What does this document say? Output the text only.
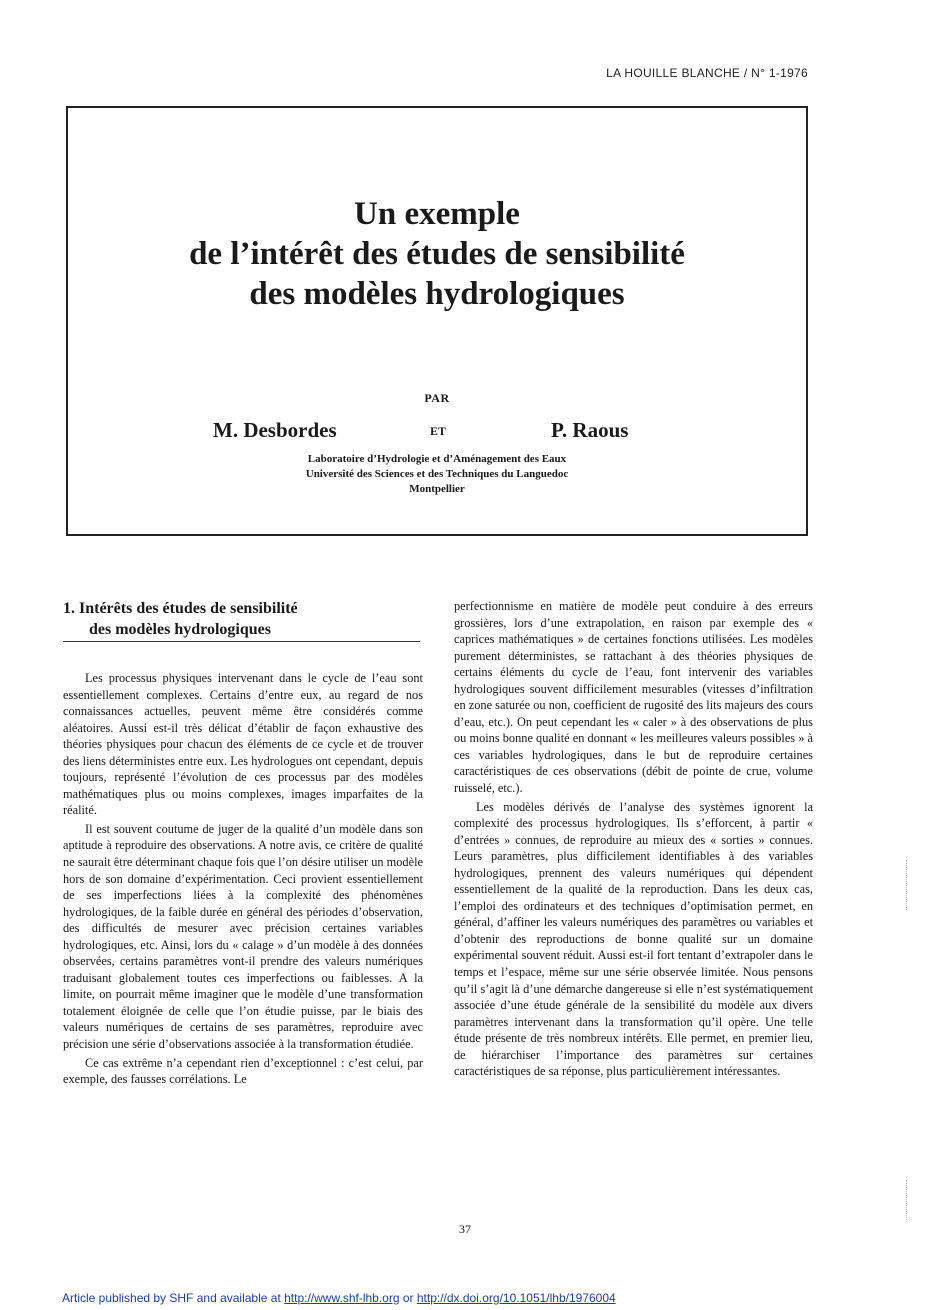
LA HOUILLE BLANCHE / N° 1-1976
Un exemple
de l’intérêt des études de sensibilité
des modèles hydrologiques
PAR
M. Desbordes	ET	P. Raous
Laboratoire d’Hydrologie et d’Aménagement des Eaux
Université des Sciences et des Techniques du Languedoc
Montpellier
1. Intérêts des études de sensibilité
des modèles hydrologiques

Les processus physiques intervenant dans le cycle de l’eau sont essentiellement complexes. Certains d’entre eux, au regard de nos connaissances actuelles, peuvent même être considérés comme aléatoires. Aussi est-il très délicat d’établir de façon exhaustive des théories physiques pour chacun des éléments de ce cycle et de trouver des liens déterministes entre eux. Les hydrologues ont cependant, depuis toujours, représenté l’évolution de ces processus par des modèles mathématiques plus ou moins complexes, images imparfaites de la réalité.

Il est souvent coutume de juger de la qualité d’un modèle dans son aptitude à reproduire des observations. A notre avis, ce critère de qualité ne saurait être déterminant chaque fois que l’on désire utiliser un modèle hors de son domaine d’expérimentation. Ceci provient essentiellement de ses imperfections liées à la complexité des phénomènes hydrologiques, de la faible durée en général des périodes d’observation, des difficultés de mesurer avec précision certaines variables hydrologiques, etc. Ainsi, lors du « calage » d’un modèle à des données observées, certains paramètres vont-il prendre des valeurs numériques traduisant globalement toutes ces imperfections ou faiblesses. A la limite, on pourrait même imaginer que le modèle d’une transformation totalement éloignée de celle que l’on étudie puisse, par le biais des valeurs numériques de certains de ses paramètres, reproduire avec précision une série d’observations associée à la transformation étudiée.

Ce cas extrême n’a cependant rien d’exceptionnel : c’est celui, par exemple, des fausses corrélations. Le

perfectionnisme en matière de modèle peut conduire à des erreurs grossières, lors d’une extrapolation, en raison par exemple des « caprices mathématiques » de certaines fonctions utilisées. Les modèles purement déterministes, se rattachant à des théories physiques de certains éléments du cycle de l’eau, font intervenir des variables hydrologiques souvent difficilement mesurables (vitesses d’infiltration en zone saturée ou non, coefficient de rugosité des lits majeurs des cours d’eau, etc.). On peut cependant les « caler » à des observations de plus ou moins bonne qualité en donnant « les meilleures valeurs possibles » à ces variables hydrologiques, dans le but de reproduire certaines caractéristiques de ces observations (débit de pointe de crue, volume ruisselé, etc.).

Les modèles dérivés de l’analyse des systèmes ignorent la complexité des processus hydrologiques. Ils s’efforcent, à partir « d’entrées » connues, de reproduire au mieux des « sorties » connues. Leurs paramètres, plus difficilement identifiables à des variables hydrologiques, prennent des valeurs numériques qui dépendent essentiellement de la qualité de la reproduction. Dans les deux cas, l’emploi des ordinateurs et des techniques d’optimisation permet, en général, d’affiner les valeurs numériques des paramètres ou variables et d’obtenir des reproductions de bonne qualité sur un domaine expérimental souvent réduit. Aussi est-il fort tentant d’extrapoler dans le temps et l’espace, même sur une série observée limitée. Nous pensons qu’il s’agit là d’une démarche dangereuse si elle n’est systématiquement associée d’une étude générale de la sensibilité du modèle aux divers paramètres intervenant dans la transformation qu’il opère. Une telle étude présente de très nombreux intérêts. Elle permet, en premier lieu, de hiérarchiser l’importance des paramètres sur certaines caractéristiques de sa réponse, plus particulièrement intéressantes.

37
Article published by SHF and available at http://www.shf-lhb.org or http://dx.doi.org/10.1051/lhb/1976004
